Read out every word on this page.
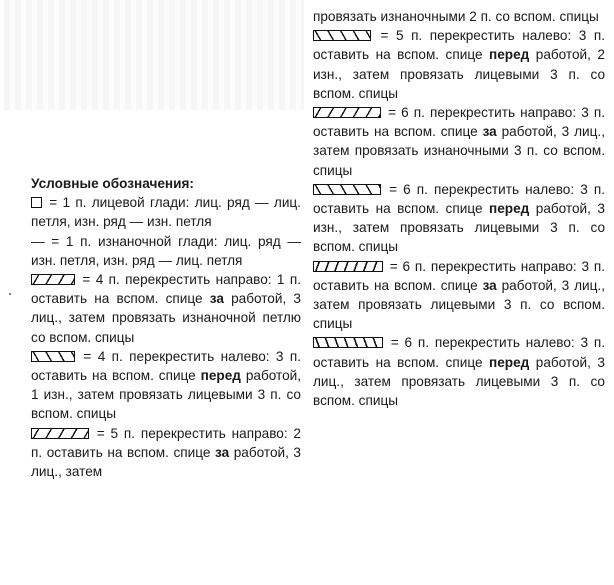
Условные обозначения:
= 1 п. лицевой глади: лиц. ряд — лиц. петля, изн. ряд — изн. петля
— = 1 п. изнаночной глади: лиц. ряд — изн. петля, изн. ряд — лиц. петля
= 4 п. перекрестить направо: 1 п. оставить на вспом. спице за работой, 3 лиц., затем провязать изнаночной петлю со вспом. спицы
= 4 п. перекрестить налево: 3 п. оставить на вспом. спице перед работой, 1 изн., затем провязать лицевыми 3 п. со вспом. спицы
= 5 п. перекрестить направо: 2 п. оставить на вспом. спице за работой, 3 лиц., затем
провязать изнаночными 2 п. со вспом. спицы
= 5 п. перекрестить налево: 3 п. оставить на вспом. спице перед работой, 2 изн., затем провязать лицевыми 3 п. со вспом. спицы
= 6 п. перекрестить направо: 3 п. оставить на вспом. спице за работой, 3 лиц., затем провязать изнаночными 3 п. со вспом. спицы
= 6 п. перекрестить налево: 3 п. оставить на вспом. спице перед работой, 3 изн., затем провязать лицевыми 3 п. со вспом. спицы
= 6 п. перекрестить направо: 3 п. оставить на вспом. спице за работой, 3 лиц., затем провязать лицевыми 3 п. со вспом. спицы
= 6 п. перекрестить налево: 3 п. оставить на вспом. спице перед работой, 3 лиц., затем провязать лицевыми 3 п. со вспом. спицы
